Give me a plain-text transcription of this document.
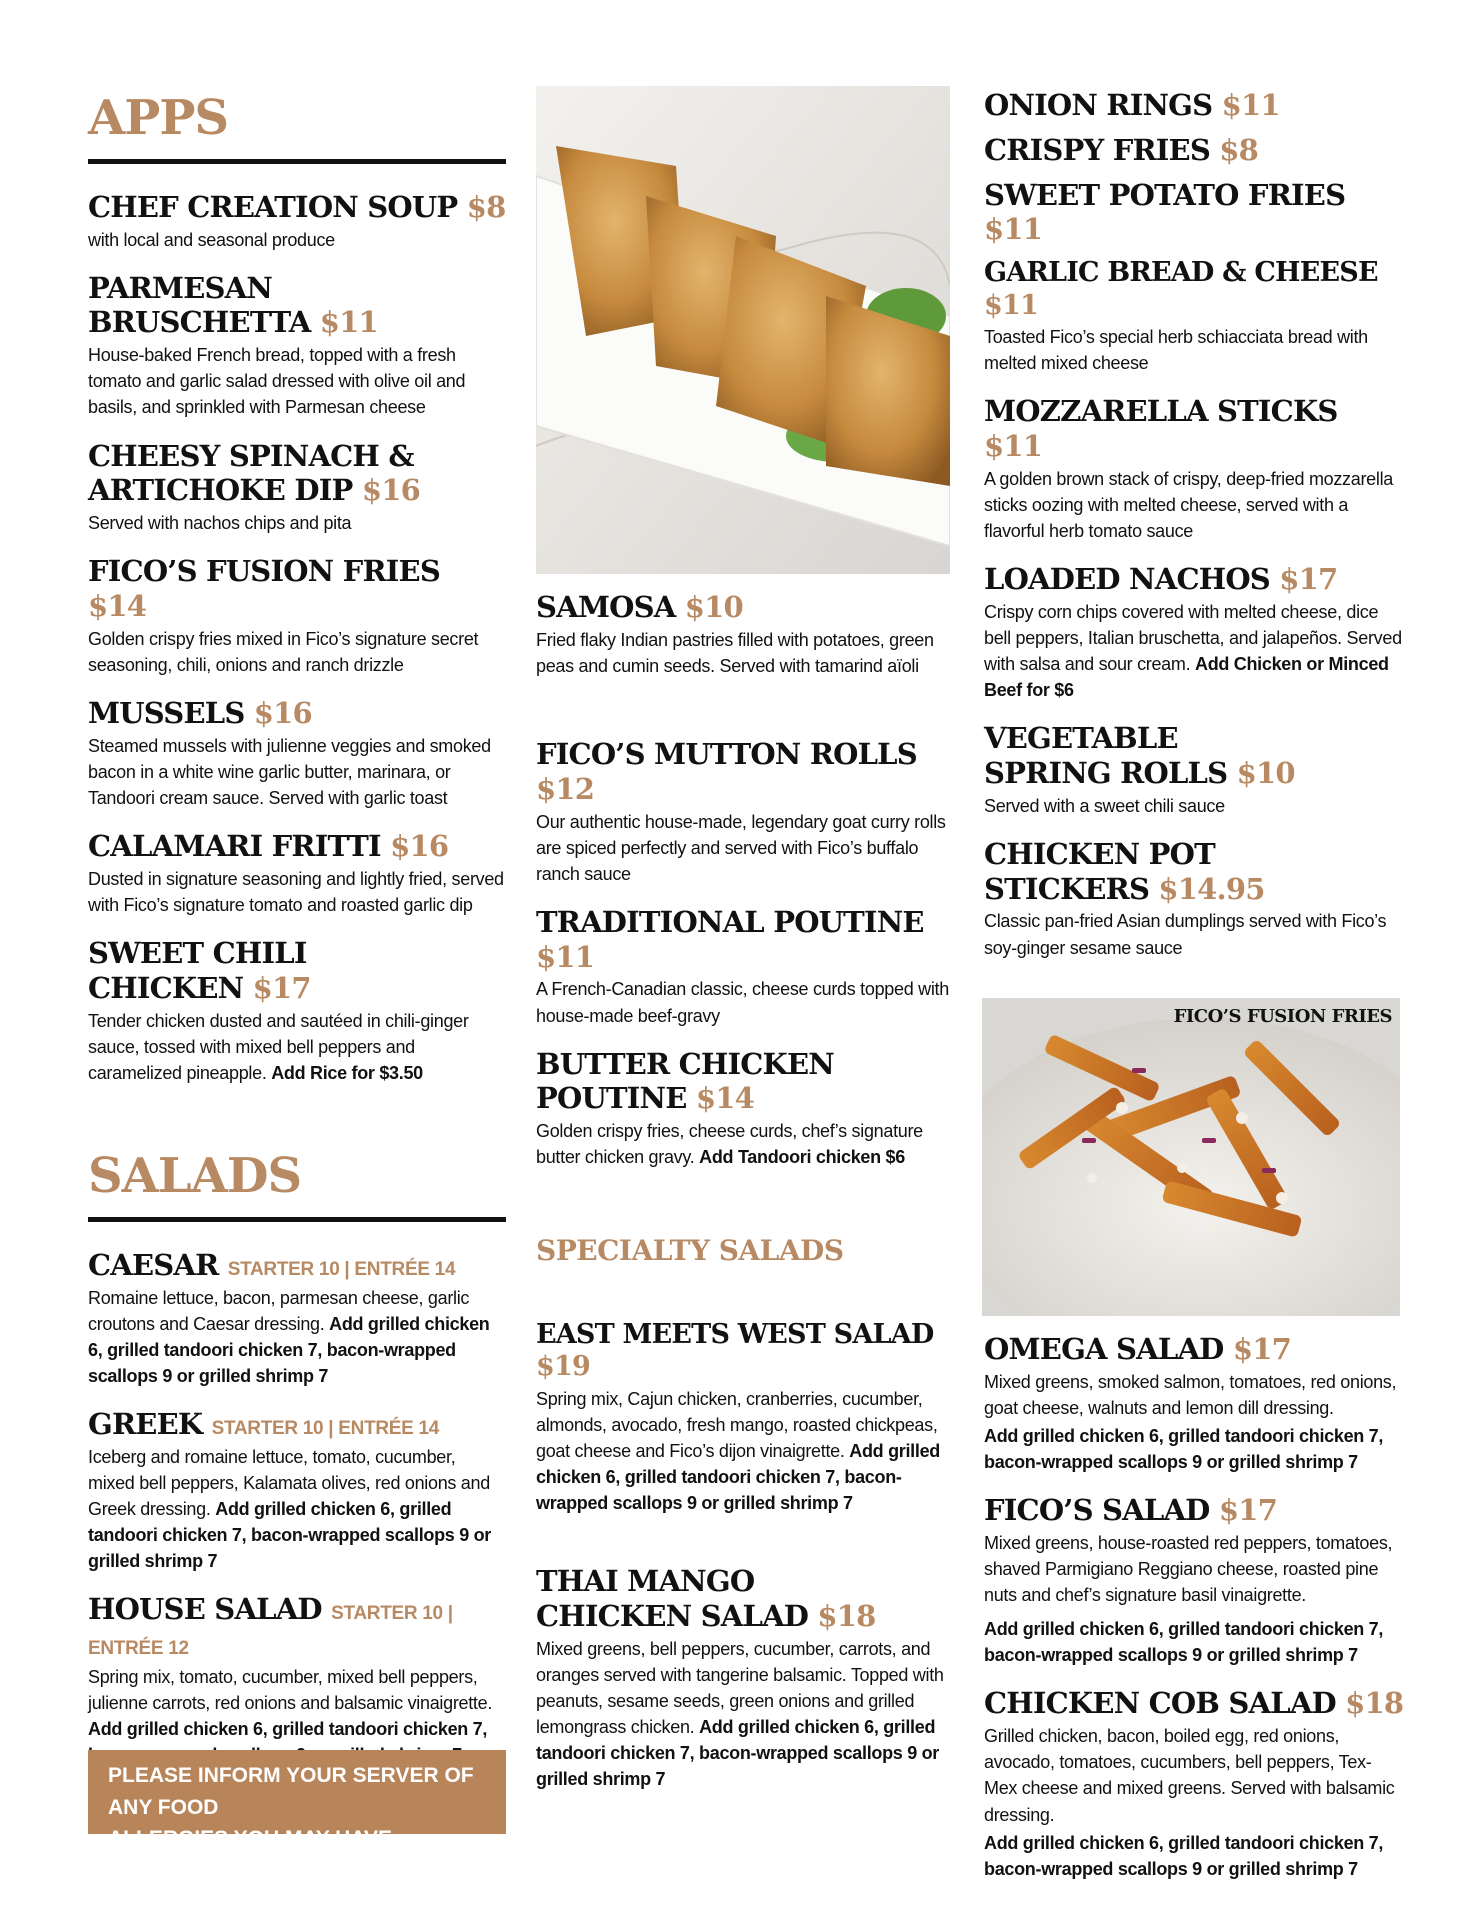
APPS

CHEF CREATION SOUP $8

with local and seasonal produce

PARMESAN
BRUSCHETTA $11

House-baked French bread, topped with a fresh tomato and garlic salad dressed with olive oil and basils, and sprinkled with Parmesan cheese

CHEESY SPINACH &
ARTICHOKE DIP $16

Served with nachos chips and pita

FICO’S FUSION FRIES $14

Golden crispy fries mixed in Fico’s signature secret seasoning, chili, onions and ranch drizzle

MUSSELS $16

Steamed mussels with julienne veggies and smoked bacon in a white wine garlic butter, marinara, or Tandoori cream sauce. Served with garlic toast

CALAMARI FRITTI $16

Dusted in signature seasoning and lightly fried, served with Fico’s signature tomato and roasted garlic dip

SWEET CHILI
CHICKEN $17

Tender chicken dusted and sautéed in chili-ginger sauce, tossed with mixed bell peppers and caramelized pineapple. Add Rice for $3.50

SAMOSA $10

Fried flaky Indian pastries filled with potatoes, green peas and cumin seeds. Served with tamarind aïoli

FICO’S MUTTON ROLLS $12

Our authentic house-made, legendary goat curry rolls are spiced perfectly and served with Fico’s buffalo ranch sauce

TRADITIONAL POUTINE $11

A French-Canadian classic, cheese curds topped with house-made beef-gravy

BUTTER CHICKEN
POUTINE $14

Golden crispy fries, cheese curds, chef’s signature butter chicken gravy. Add Tandoori chicken $6

ONION RINGS $11

CRISPY FRIES $8

SWEET POTATO FRIES $11

GARLIC BREAD & CHEESE $11

Toasted Fico’s special herb schiacciata bread with melted mixed cheese

MOZZARELLA STICKS $11

A golden brown stack of crispy, deep-fried mozzarella sticks oozing with melted cheese, served with a flavorful herb tomato sauce

LOADED NACHOS $17

Crispy corn chips covered with melted cheese, dice bell peppers, Italian bruschetta, and jalapeños. Served with salsa and sour cream. Add Chicken or Minced Beef for $6

VEGETABLE
SPRING ROLLS $10

Served with a sweet chili sauce

CHICKEN POT
STICKERS $14.95

Classic pan-fried Asian dumplings served with Fico’s soy-ginger sesame sauce

FICO’S FUSION FRIES
SALADS

CAESAR STARTER 10 | ENTRÉE 14

Romaine lettuce, bacon, parmesan cheese, garlic croutons and Caesar dressing. Add grilled chicken 6, grilled tandoori chicken 7, bacon-wrapped scallops 9 or grilled shrimp 7

GREEK STARTER 10 | ENTRÉE 14

Iceberg and romaine lettuce, tomato, cucumber, mixed bell peppers, Kalamata olives, red onions and Greek dressing. Add grilled chicken 6, grilled tandoori chicken 7, bacon-wrapped scallops 9 or grilled shrimp 7

HOUSE SALAD STARTER 10 | ENTRÉE 12

Spring mix, tomato, cucumber, mixed bell peppers, julienne carrots, red onions and balsamic vinaigrette. Add grilled chicken 6, grilled tandoori chicken 7,

PLEASE INFORM YOUR SERVER OF ANY FOOD
ALLERGIES YOU MAY HAVE.
SPECIALTY SALADS

EAST MEETS WEST SALAD $19

Spring mix, Cajun chicken, cranberries, cucumber, almonds, avocado, fresh mango, roasted chickpeas, goat cheese and Fico’s dijon vinaigrette. Add grilled chicken 6, grilled tandoori chicken 7, bacon-wrapped scallops 9 or grilled shrimp 7

THAI MANGO
CHICKEN SALAD $18

Mixed greens, bell peppers, cucumber, carrots, and oranges served with tangerine balsamic. Topped with peanuts, sesame seeds, green onions and grilled lemongrass chicken. Add grilled chicken 6, grilled tandoori chicken 7, bacon-wrapped scallops 9 or grilled shrimp 7

OMEGA SALAD $17

Mixed greens, smoked salmon, tomatoes, red onions, goat cheese, walnuts and lemon dill dressing.

Add grilled chicken 6, grilled tandoori chicken 7, bacon-wrapped scallops 9 or grilled shrimp 7

FICO’S SALAD $17

Mixed greens, house-roasted red peppers, tomatoes, shaved Parmigiano Reggiano cheese, roasted pine nuts and chef’s signature basil vinaigrette.

Add grilled chicken 6, grilled tandoori chicken 7, bacon-wrapped scallops 9 or grilled shrimp 7

CHICKEN COB SALAD $18

Grilled chicken, bacon, boiled egg, red onions, avocado, tomatoes, cucumbers, bell peppers, Tex-Mex cheese and mixed greens. Served with balsamic dressing.

Add grilled chicken 6, grilled tandoori chicken 7, bacon-wrapped scallops 9 or grilled shrimp 7
